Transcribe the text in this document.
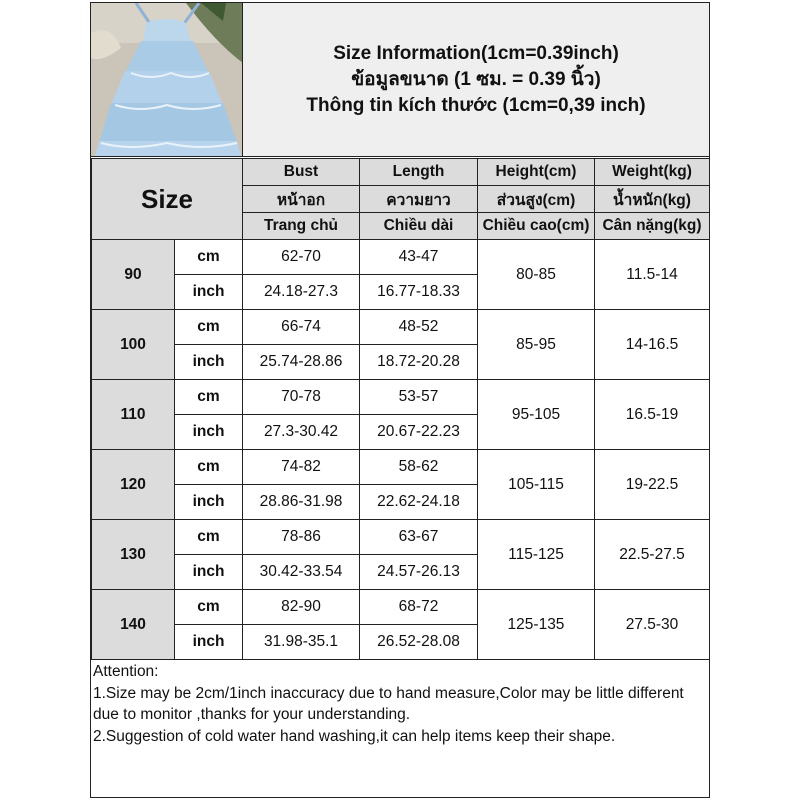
Size Information(1cm=0.39inch)
ข้อมูลขนาด (1 ซม. = 0.39 นิ้ว)
Thông tin kích thước (1cm=0,39 inch)
Size		Bust	Length	Height(cm)	Weight(kg)
		หน้าอก	ความยาว	ส่วนสูง(cm)	น้ำหนัก(kg)
		Trang chủ	Chiều dài	Chiều cao(cm)	Cân nặng(kg)
90	cm	62-70	43-47	80-85	11.5-14
	inch	24.18-27.3	16.77-18.33		
100	cm	66-74	48-52	85-95	14-16.5
	inch	25.74-28.86	18.72-20.28		
110	cm	70-78	53-57	95-105	16.5-19
	inch	27.3-30.42	20.67-22.23		
120	cm	74-82	58-62	105-115	19-22.5
	inch	28.86-31.98	22.62-24.18		
130	cm	78-86	63-67	115-125	22.5-27.5
	inch	30.42-33.54	24.57-26.13		
140	cm	82-90	68-72	125-135	27.5-30
	inch	31.98-35.1	26.52-28.08		

Attention:

1.Size may be 2cm/1inch inaccuracy due to hand measure,Color may be little different due to monitor ,thanks for your understanding.

2.Suggestion of cold water hand washing,it can help items keep their shape.
